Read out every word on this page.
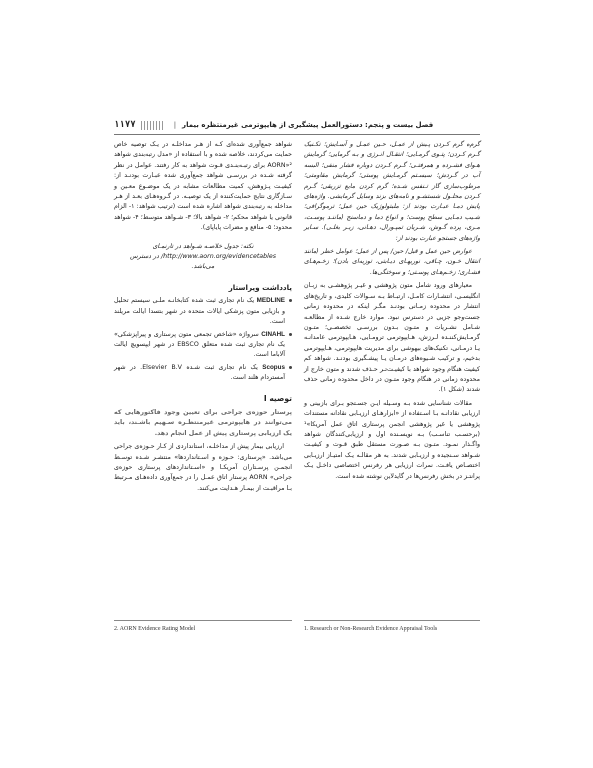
فصل بیست و پنجم: دستورالعمل پیشگیری از هایپوترمی غیرمنتظره بیمار
|
۱۱۷۷

گرم‌ه گرم کـردن پـیش از عمـل، حـین عمـل و آسـایش؛ تکـنیک گـرم کـردن؛ پتـوی گرمـایی؛ انتقـال انـرژی و بـه گرمایی؛ گرمایش هـوای فشـرده و همرفتـی؛ گـرم کـردن دوباره فشار منفی؛ البسه آب در گـردش؛ سیسـتم گرمـایش پوستی؛ گرمایش مقاومتی؛ مرطوب‌سازی گاز تـنفس شـده؛ گرم کردن مایع تزریقی؛ گـرم کـردن محلـول شستشـو و نامه‌های بزند وسایل گرمایشی. واژه‌های پایش دمـا عبـارت بودند از: ملبتولوژیک حین عمل؛ ترموگرافی؛ شـیب دمـایی سطح پوست؛ و انواع دما و دماسنج (ماننـد پوسـت، مـری، پرده گـوش، شـریان تمپـورال، دهـانی، زیـر بغلـی). سـایر واژه‌های جستجو عبارت بودند از:

عوارض حین عمل و قبل/ حین/ پس از عمل؛ عوامل خطر (مانند انتقال خـون، چـاقی، نوریهـای دیـابتی، توزیه‌ای بادن)؛ زخـم‌هـای فشـاری؛ زخـم‌هـای پوسـتی؛ و سوختگی‌ها.

معیارهای ورود شامل متون پژوهشی و غیـر پژوهشـی به زبـان انگلیسـی، انتشـارات کامـل، ارتبـاط بـه سـوالات کلیدی، و تاریخ‌های انتشار در محدوده زمـانی بودنـد مگـر اینکه در محدوده زمانی جست‌وجو جزیی در دسترس نبود. موارد خارج شـده از مطالعـه شـامل نشـریات و متـون بـدون بررسـی تخصصـی؛ متـون گرمـایش‌کننـده لـرزش، هـایپوترمی ترومـایی، هـایپوترمی عامدانـه یـا درمـانی، تکنیک‌های بیهوشی برای مدیریت هایپوترمی، هـایپوترمی بدخیم، و ترکیب شـیوه‌های درمـان یـا پیشـگیری بودنـد. شواهد کم کیفیت هنگام وجود شواهد با کیفیـت‌تـر حـذف شدند و متون خارج از محدوده زمانی در هنگام وجود متـون در داخل محدوده زمانی حذف شدند (شکل ۱).

مقالات شناسایی شده بـه وسـیله ایـن جسـتجو بـرای بازبینی و ارزیابی نقادانـه بـا اسـتفاده از «ابزارهـای ارزیـابی نقادانه مستندات پژوهشی یا غیر پژوهشی انجمن پرستاری اتاق عمل آمریکا»¹ (برحسـب تناسـب) بـه نویسـنده اول و ارزیابی‌کنندگان شواهد واگـذار نمـود. متـون بـه صـورت مستقل طبق قـوت و کیفیـت شـواهد سـنجیده و ارزیـابی شدند. به هر مقالـه یـک امتیـاز ارزیـابی اختصـاص یافـت. نمرات ارزیابی هر رفرنس اختصاصی داخـل یـک پرانتـز در بخش رفرنس‌ها در گایدلاین نوشته شده است.

شواهد جمع‌آوری شده‌ای کـه از هـر مداخلـه در یـک توصیه خاص حمایت می‌کردند، خلاصه شده و با استفاده از «مدل رتبه‌بندی شواهد AORN»² برای رتبـه‌بنـدی قـوت شواهد به کار رفتند. عوامل در نظر گرفته شـده در بررسـی شواهد جمع‌آوری شده عبـارت بودنـد از: کیفیـت پـژوهش، کمیت مطالعات مشابه در یک موضـوع معـین و سـازگاری نتایج حمایت‌کننده از یک توصیـه. در گـروه‌هـای بعـد از هـر مداخله به رتبه‌بندی شواهد اشاره شده است (ترتیب شواهد: ۱- الزام قانونی یا شواهد محکم؛ ۲- شواهد بالا؛ ۳- شـواهد متوسط؛ ۴- شواهد محدود؛ ۵- منافع و مضرات پایاپای).

نکته: جدول خلاصـه شـواهد در تارنمـای http://www.aorn.org/evidencetables/ در دسترس می‌باشد.
یادداشت ویراستار
MEDLINE یک نام تجاری ثبت شده کتابخانـه ملـی سیستم تحلیل و بازیابی متون پزشکی ایالات متحده در شهر بتسدا ایالت مریلند است.
CINAHL سرواژه «شاخص تجمعی متون پرستاری و پیراپزشکی» یک نام تجاری ثبت شده متعلق EBSCO در شهر ایپسویچ ایالت آلاباما است.
Scopus یک نام تجاری ثبت شـده Elsevier B.V. در شهر آمستردام هلند است.
توصیه I

پرستار حوزه‌ی جراحی برای تعیین وجود فاکتورهایی که می‌توانند در هایپوترمی غیرمنتظـره سـهیم باشـند، باید یک ارزیابی پرستاری پیش از عمل انجام دهد.

ارزیابی بیمار پیش از مداخلـه، استانداردی از کـار حـوزه‌ی جراحی می‌باشد. «پرستاری: حـوزه و اسـتانداردها» منتشـر شـده توسـط انجمـن پرسـتاران آمریکـا و «اسـتانداردهای پرستاری حوزه‌ی جراحی» AORN پرستار اتاق عمـل را در جمع‌آوری داده‌هـای مـرتبط بـا مراقبـت از بیمـار هـدایت می‌کنند.

1. Research or Non-Research Evidence Appraisal Tools
2. AORN Evidence Rating Model
